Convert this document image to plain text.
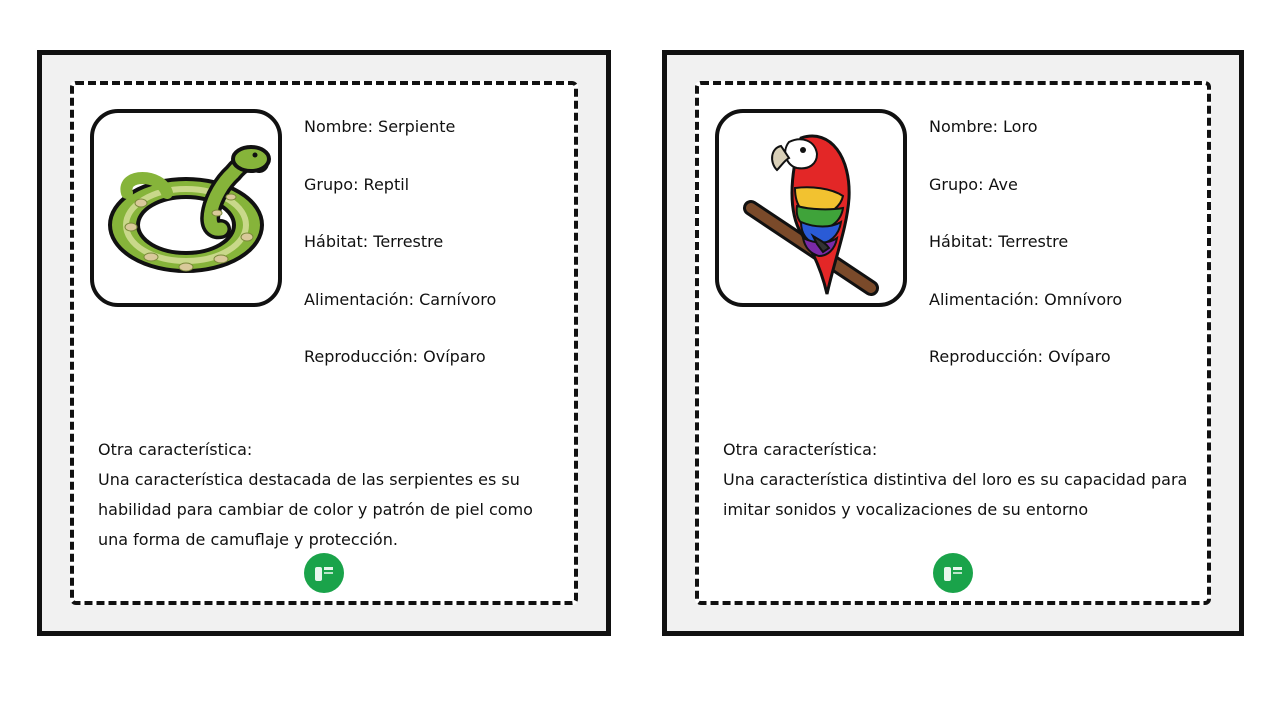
Nombre: Serpiente
Grupo: Reptil
Hábitat: Terrestre
Alimentación: Carnívoro
Reproducción: Ovíparo
Otra característica:
Una característica destacada de las serpientes es su habilidad para cambiar de color y patrón de piel como una forma de camuflaje y protección.
Nombre: Loro
Grupo: Ave
Hábitat: Terrestre
Alimentación: Omnívoro
Reproducción: Ovíparo
Otra característica:
Una característica distintiva del loro es su capacidad para imitar sonidos y vocalizaciones de su entorno
